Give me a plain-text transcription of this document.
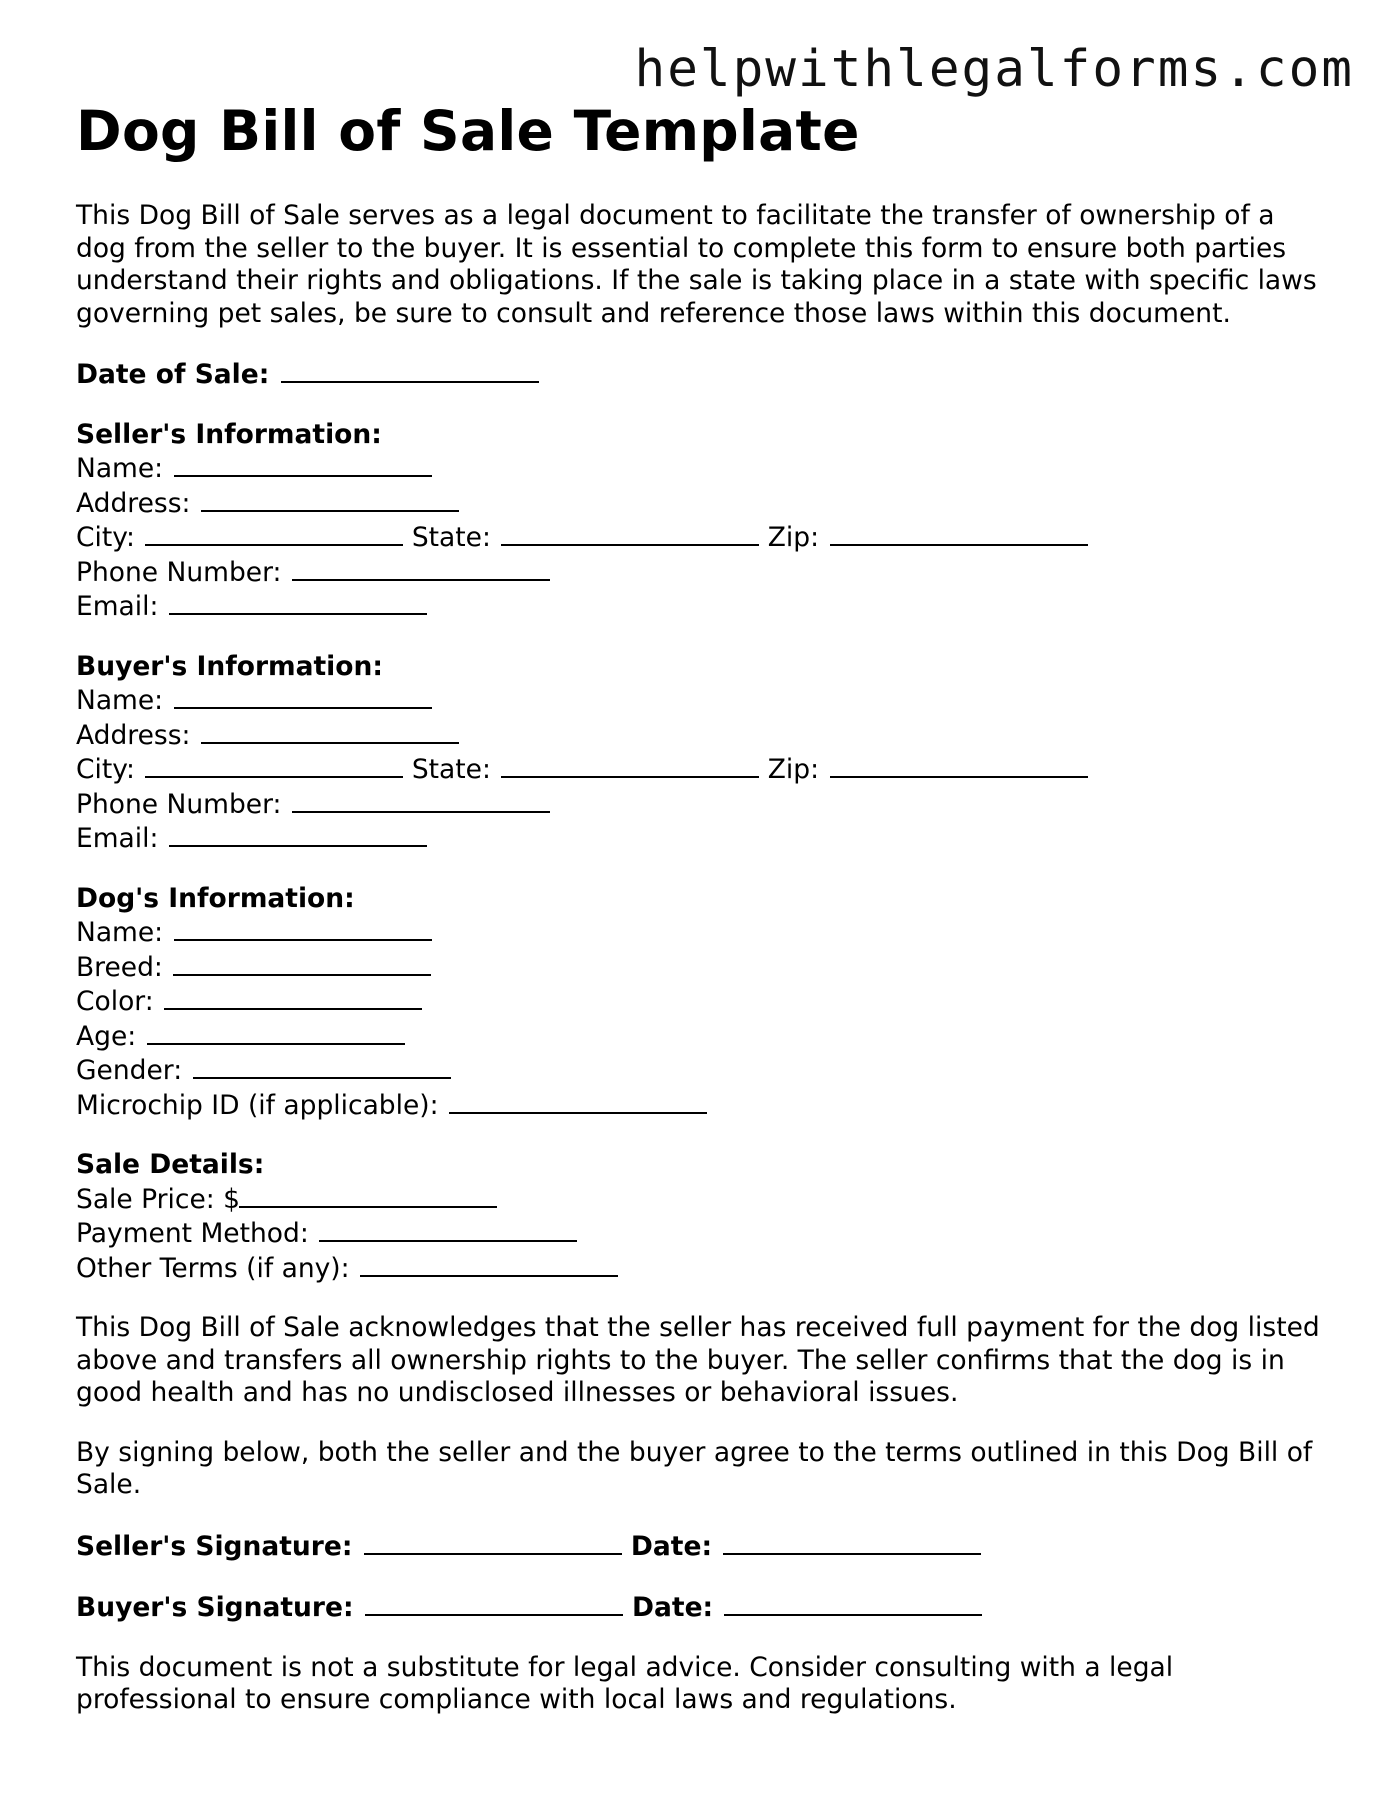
helpwithlegalforms.com
Dog Bill of Sale Template

This Dog Bill of Sale serves as a legal document to facilitate the transfer of ownership of a dog from the seller to the buyer. It is essential to complete this form to ensure both parties understand their rights and obligations. If the sale is taking place in a state with specific laws governing pet sales, be sure to consult and reference those laws within this document.

Date of Sale:
Seller's Information:
Name:
Address:
City:	State:	Zip:
Phone Number:
Email:
Buyer's Information:
Name:
Address:
City:	State:	Zip:
Phone Number:
Email:
Dog's Information:
Name:
Breed:
Color:
Age:
Gender:
Microchip ID (if applicable):
Sale Details:
Sale Price: $
Payment Method:
Other Terms (if any):

This Dog Bill of Sale acknowledges that the seller has received full payment for the dog listed above and transfers all ownership rights to the buyer. The seller confirms that the dog is in good health and has no undisclosed illnesses or behavioral issues.

By signing below, both the seller and the buyer agree to the terms outlined in this Dog Bill of Sale.

Seller's Signature:	Date:
Buyer's Signature:	Date:

This document is not a substitute for legal advice. Consider consulting with a legal professional to ensure compliance with local laws and regulations.
